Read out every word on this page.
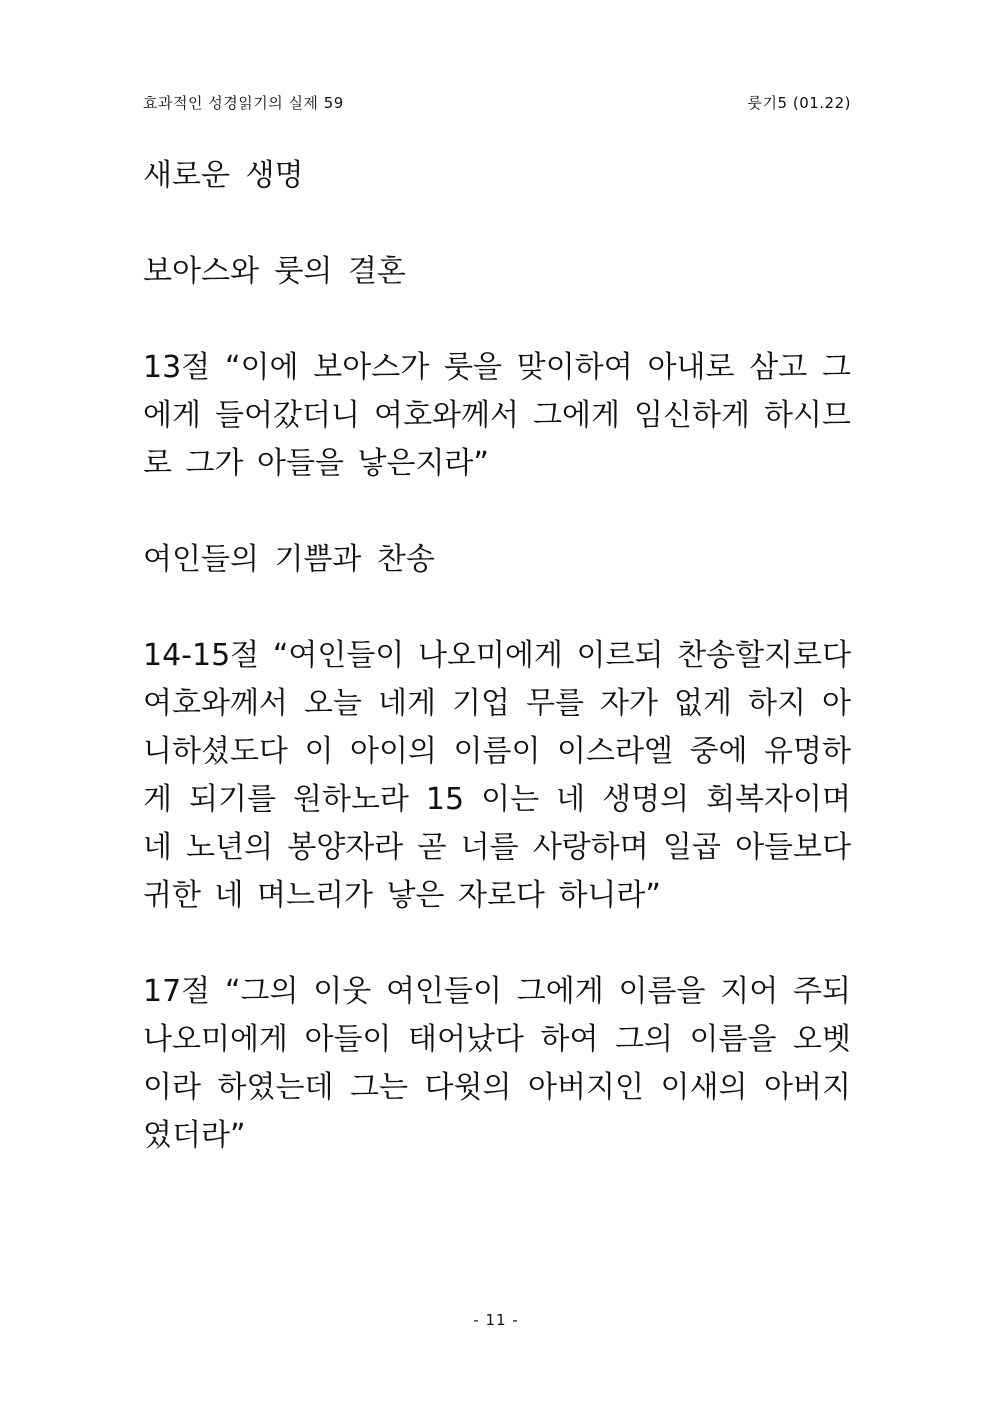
효과적인 성경읽기의 실제 59	룻기5 (01.22)
새로운 생명
보아스와 룻의 결혼

13절 “이에 보아스가 룻을 맞이하여 아내로 삼고 그에게 들어갔더니 여호와께서 그에게 임신하게 하시므로 그가 아들을 낳은지라”

여인들의 기쁨과 찬송

14-15절 “여인들이 나오미에게 이르되 찬송할지로다 여호와께서 오늘 네게 기업 무를 자가 없게 하지 아니하셨도다 이 아이의 이름이 이스라엘 중에 유명하게 되기를 원하노라 15 이는 네 생명의 회복자이며 네 노년의 봉양자라 곧 너를 사랑하며 일곱 아들보다 귀한 네 며느리가 낳은 자로다 하니라”

17절 “그의 이웃 여인들이 그에게 이름을 지어 주되 나오미에게 아들이 태어났다 하여 그의 이름을 오벳이라 하였는데 그는 다윗의 아버지인 이새의 아버지였더라”

- 11 -
